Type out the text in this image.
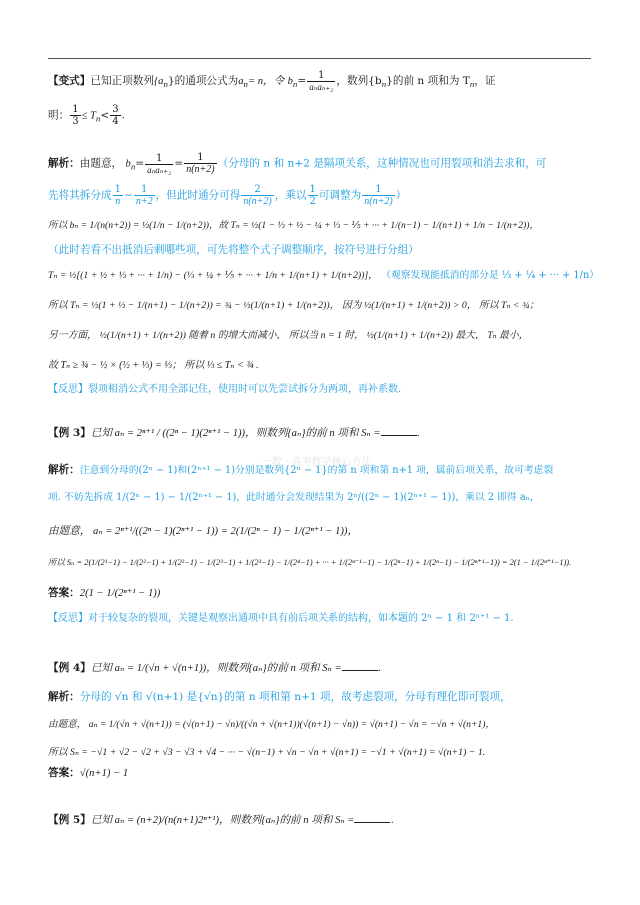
【变式】已知正项数列$\{a_n\}$的通项公式为$a_n= n$，令 $b_n= \frac{1}{\text{aₙaₙ₊₂}}$ ，数列$\{b_n\}$的前 n 项和为 $T_n$，证
明： $\frac{1}{3} \le T_n< \frac{3}{4}$ .
解析：由题意， $b_n= \frac{1}{\text{aₙaₙ₊₂}} = \frac{1}{n(n+2)}$ （分母的 n 和 n+2 是隔项关系，这种情况也可用裂项和消去求和，可
先将其拆分成 $\frac{1}{n} - \frac{1}{n+2}$ ，但此时通分可得 $\frac{2}{n(n+2)}$ ，乘以 $\frac{1}{2}$ 可调整为 $\frac{1}{n(n+2)}$ ）
所以 bₙ = 1/(n(n+2)) = ½(1/n − 1/(n+2))，故 Tₙ = ½(1 − ⅓ + ½ − ¼ + ⅓ − ⅕ + ··· + 1/(n−1) − 1/(n+1) + 1/n − 1/(n+2))，
（此时若看不出抵消后剩哪些项，可先将整个式子调整顺序，按符号进行分组）
Tₙ = ½[(1 + ½ + ⅓ + ··· + 1/n) − (⅓ + ¼ + ⅕ + ··· + 1/n + 1/(n+1) + 1/(n+2))]， （观察发现能抵消的部分是 ⅓ + ¼ + ··· + 1/n）
所以 Tₙ = ½(1 + ½ − 1/(n+1) − 1/(n+2)) = ¾ − ½(1/(n+1) + 1/(n+2))， 因为 ½(1/(n+1) + 1/(n+2)) > 0， 所以 Tₙ < ¾；
另一方面， ½(1/(n+1) + 1/(n+2)) 随着 n 的增大而减小， 所以当 n = 1 时， ½(1/(n+1) + 1/(n+2)) 最大， Tₙ 最小，
故 Tₙ ≥ ¾ − ½ × (½ + ⅓) = ⅓； 所以 ⅓ ≤ Tₙ < ¾ .
【反思】裂项相消公式不用全部记住，使用时可以先尝试拆分为两项，再补系数.
【例 3】已知 aₙ = 2ⁿ⁺¹ / ((2ⁿ − 1)(2ⁿ⁺¹ − 1))，则数列{aₙ}的前 n 项和 Sₙ =	.
一数 · 高考数学核心方法
解析：注意到分母的(2ⁿ − 1)和(2ⁿ⁺¹ − 1)分别是数列{2ⁿ − 1}的第 n 项和第 n+1 项，属前后项关系，故可考虑裂
项. 不妨先拆成 1/(2ⁿ − 1) − 1/(2ⁿ⁺¹ − 1)，此时通分会发现结果为 2ⁿ/((2ⁿ − 1)(2ⁿ⁺¹ − 1))，乘以 2 即得 aₙ，
由题意， aₙ = 2ⁿ⁺¹/((2ⁿ − 1)(2ⁿ⁺¹ − 1)) = 2(1/(2ⁿ − 1) − 1/(2ⁿ⁺¹ − 1))，
所以 Sₙ = 2(1/(2¹−1) − 1/(2²−1) + 1/(2²−1) − 1/(2³−1) + 1/(2³−1) − 1/(2⁴−1) + ··· + 1/(2ⁿ⁻¹−1) − 1/(2ⁿ−1) + 1/(2ⁿ−1) − 1/(2ⁿ⁺¹−1)) = 2(1 − 1/(2ⁿ⁺¹−1)).
答案：2(1 − 1/(2ⁿ⁺¹ − 1))
【反思】对于较复杂的裂项，关键是观察出通项中具有前后项关系的结构，如本题的 2ⁿ − 1 和 2ⁿ⁺¹ − 1.
【例 4】已知 aₙ = 1/(√n + √(n+1))，则数列{aₙ}的前 n 项和 Sₙ =	.
解析：分母的 √n 和 √(n+1) 是{√n}的第 n 项和第 n+1 项，故考虑裂项，分母有理化即可裂项，
由题意， aₙ = 1/(√n + √(n+1)) = (√(n+1) − √n)/((√n + √(n+1))(√(n+1) − √n)) = √(n+1) − √n = −√n + √(n+1)，
所以 Sₙ = −√1 + √2 − √2 + √3 − √3 + √4 − ··· − √(n−1) + √n − √n + √(n+1) = −√1 + √(n+1) = √(n+1) − 1.
答案：√(n+1) − 1
【例 5】已知 aₙ = (n+2)/(n(n+1)2ⁿ⁺¹)，则数列{aₙ}的前 n 项和 Sₙ =	.
